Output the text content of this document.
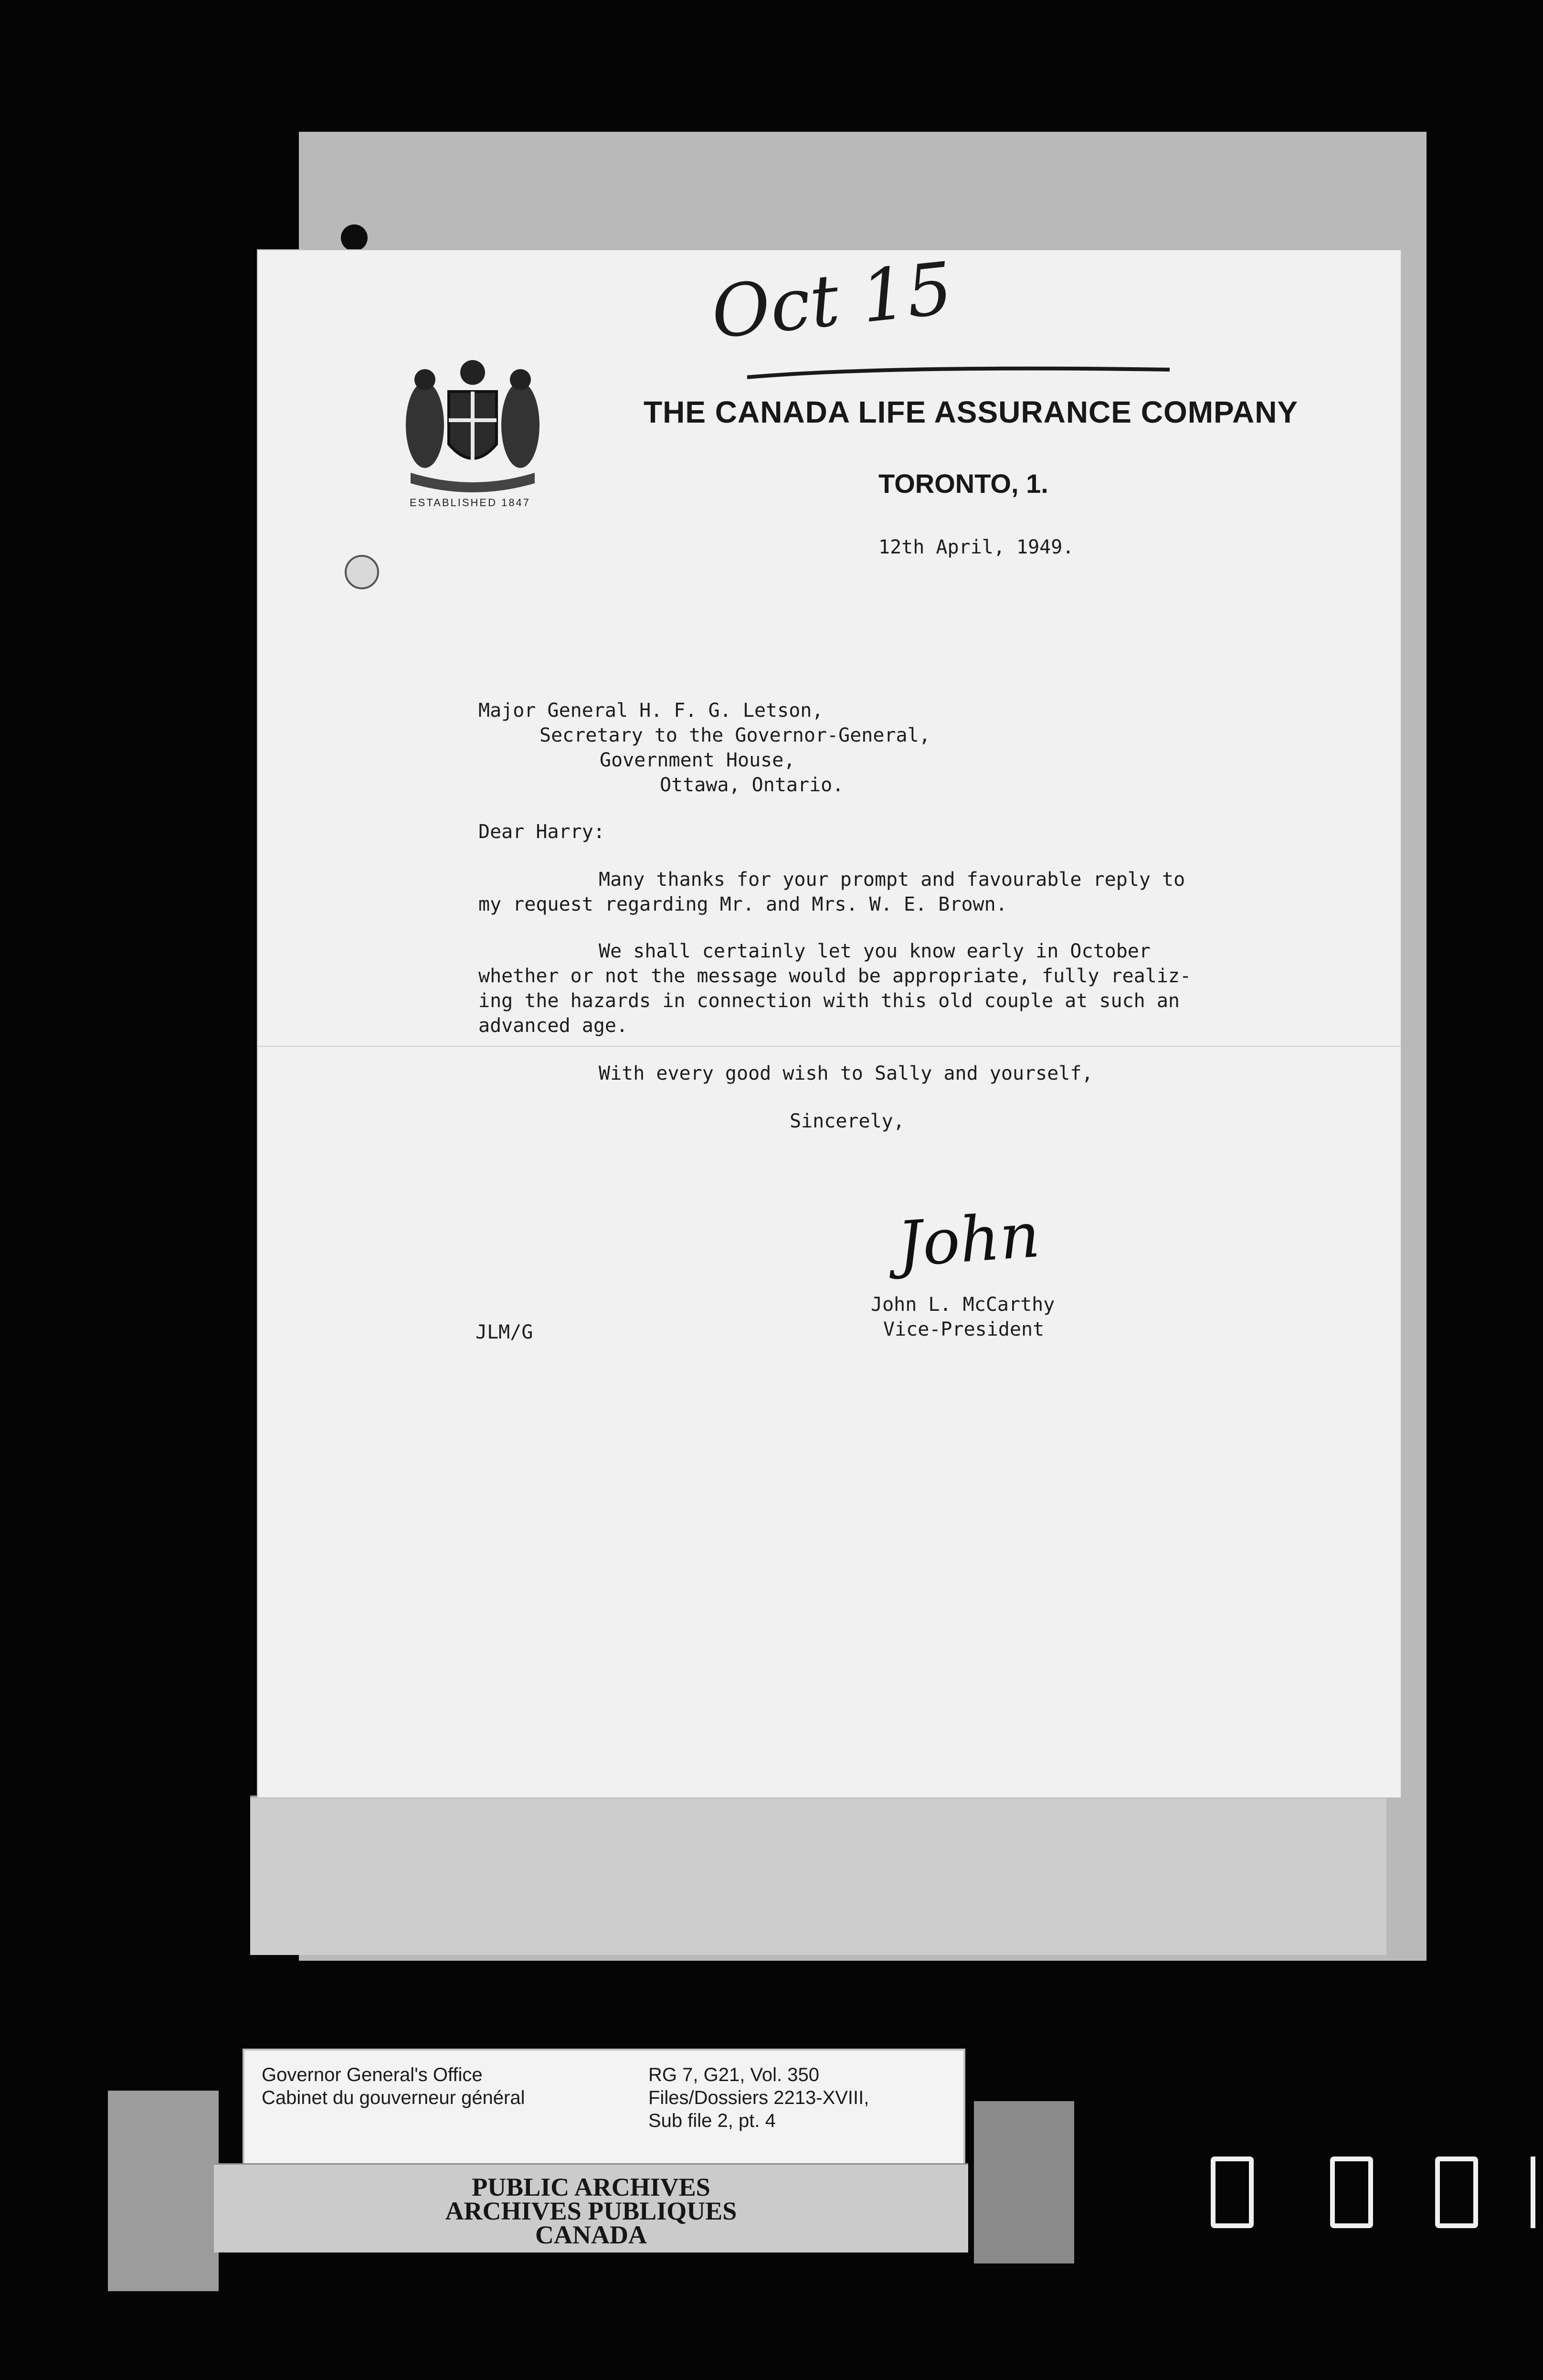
Oct 15
ESTABLISHED 1847
THE CANADA LIFE ASSURANCE COMPANY
TORONTO, 1.
12th April, 1949.
Major General H. F. G. Letson,
Secretary to the Governor-General,
Government House,
Ottawa, Ontario.
Dear Harry:
Many thanks for your prompt and favourable reply to
my request regarding Mr. and Mrs. W. E. Brown.
We shall certainly let you know early in October
whether or not the message would be appropriate, fully realiz-
ing the hazards in connection with this old couple at such an
advanced age.
With every good wish to Sally and yourself,
Sincerely,
John
John L. McCarthy
Vice-President
JLM/G
Governor General's Office
Cabinet du gouverneur général
RG 7, G21, Vol. 350
Files/Dossiers 2213-XVIII,
Sub file 2, pt. 4
PUBLIC ARCHIVES
ARCHIVES PUBLIQUES
CANADA
